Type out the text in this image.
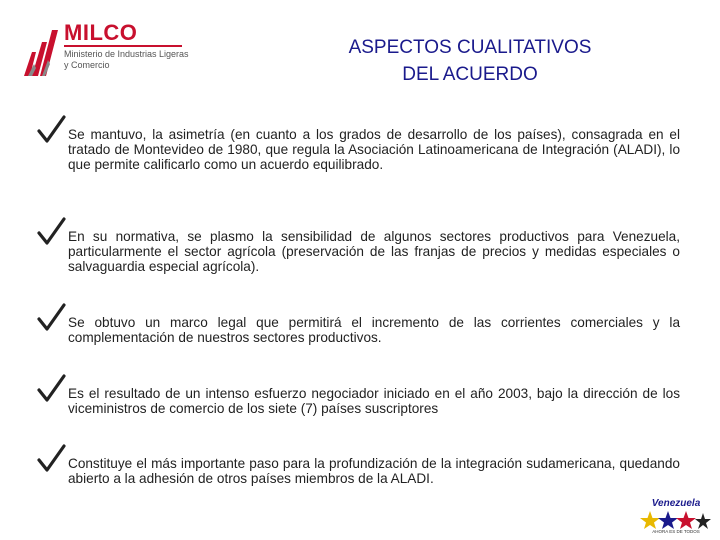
MILCO
Ministerio de Industrias Ligeras
y Comercio
ASPECTOS CUALITATIVOS
DEL ACUERDO
Se mantuvo, la asimetría (en cuanto a los grados de desarrollo de los países), consagrada en el tratado de Montevideo de 1980, que regula la Asociación Latinoamericana de Integración (ALADI), lo que permite calificarlo como un acuerdo equilibrado.
En su normativa, se plasmo la sensibilidad de algunos sectores productivos para Venezuela, particularmente el sector agrícola (preservación de las franjas de precios y medidas especiales o salvaguardia especial agrícola).
Se obtuvo un marco legal que permitirá el incremento de las corrientes comerciales y la complementación de nuestros sectores productivos.
Es el resultado de un intenso esfuerzo negociador iniciado en el año 2003, bajo la dirección de los viceministros de comercio de los siete (7) países suscriptores
Constituye el más importante paso para la profundización de la integración sudamericana, quedando abierto a la adhesión de otros países miembros de la ALADI.
Venezuela
AHORA ES DE TODOS
